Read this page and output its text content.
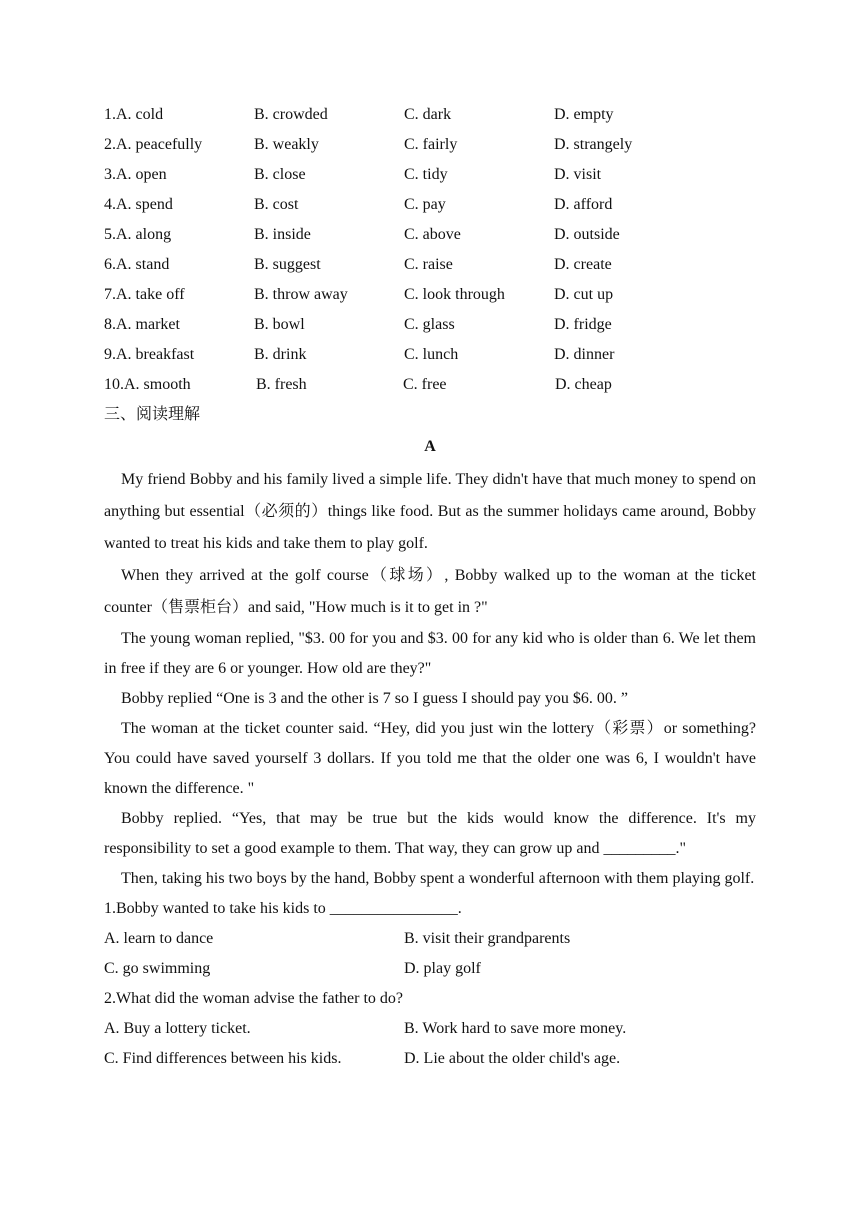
1.A. cold	B. crowded	C. dark	D. empty
2.A. peacefully	B. weakly	C. fairly	D. strangely
3.A. open	B. close	C. tidy	D. visit
4.A. spend	B. cost	C. pay	D. afford
5.A. along	B. inside	C. above	D. outside
6.A. stand	B. suggest	C. raise	D. create
7.A. take off	B. throw away	C. look through	D. cut up
8.A. market	B. bowl	C. glass	D. fridge
9.A. breakfast	B. drink	C. lunch	D. dinner
10.A. smooth	B. fresh	C. free	D. cheap
三、阅读理解
A

My friend Bobby and his family lived a simple life. They didn't have that much money to spend on anything but essential（必须的）things like food. But as the summer holidays came around, Bobby wanted to treat his kids and take them to play golf.

When they arrived at the golf course（球场）, Bobby walked up to the woman at the ticket counter（售票柜台）and said, "How much is it to get in ?"

The young woman replied, "$3. 00 for you and $3. 00 for any kid who is older than 6. We let them in free if they are 6 or younger. How old are they?"

Bobby replied “One is 3 and the other is 7 so I guess I should pay you $6. 00. ”

The woman at the ticket counter said. “Hey, did you just win the lottery（彩票）or something? You could have saved yourself 3 dollars. If you told me that the older one was 6, I wouldn't have known the difference. "

Bobby replied. “Yes, that may be true but the kids would know the difference. It's my responsibility to set a good example to them. That way, they can grow up and _________."

Then, taking his two boys by the hand, Bobby spent a wonderful afternoon with them playing golf.

1.Bobby wanted to take his kids to ________________.
A. learn to dance	B. visit their grandparents
C. go swimming	D. play golf
2.What did the woman advise the father to do?
A. Buy a lottery ticket.	B. Work hard to save more money.
C. Find differences between his kids.	D. Lie about the older child's age.
